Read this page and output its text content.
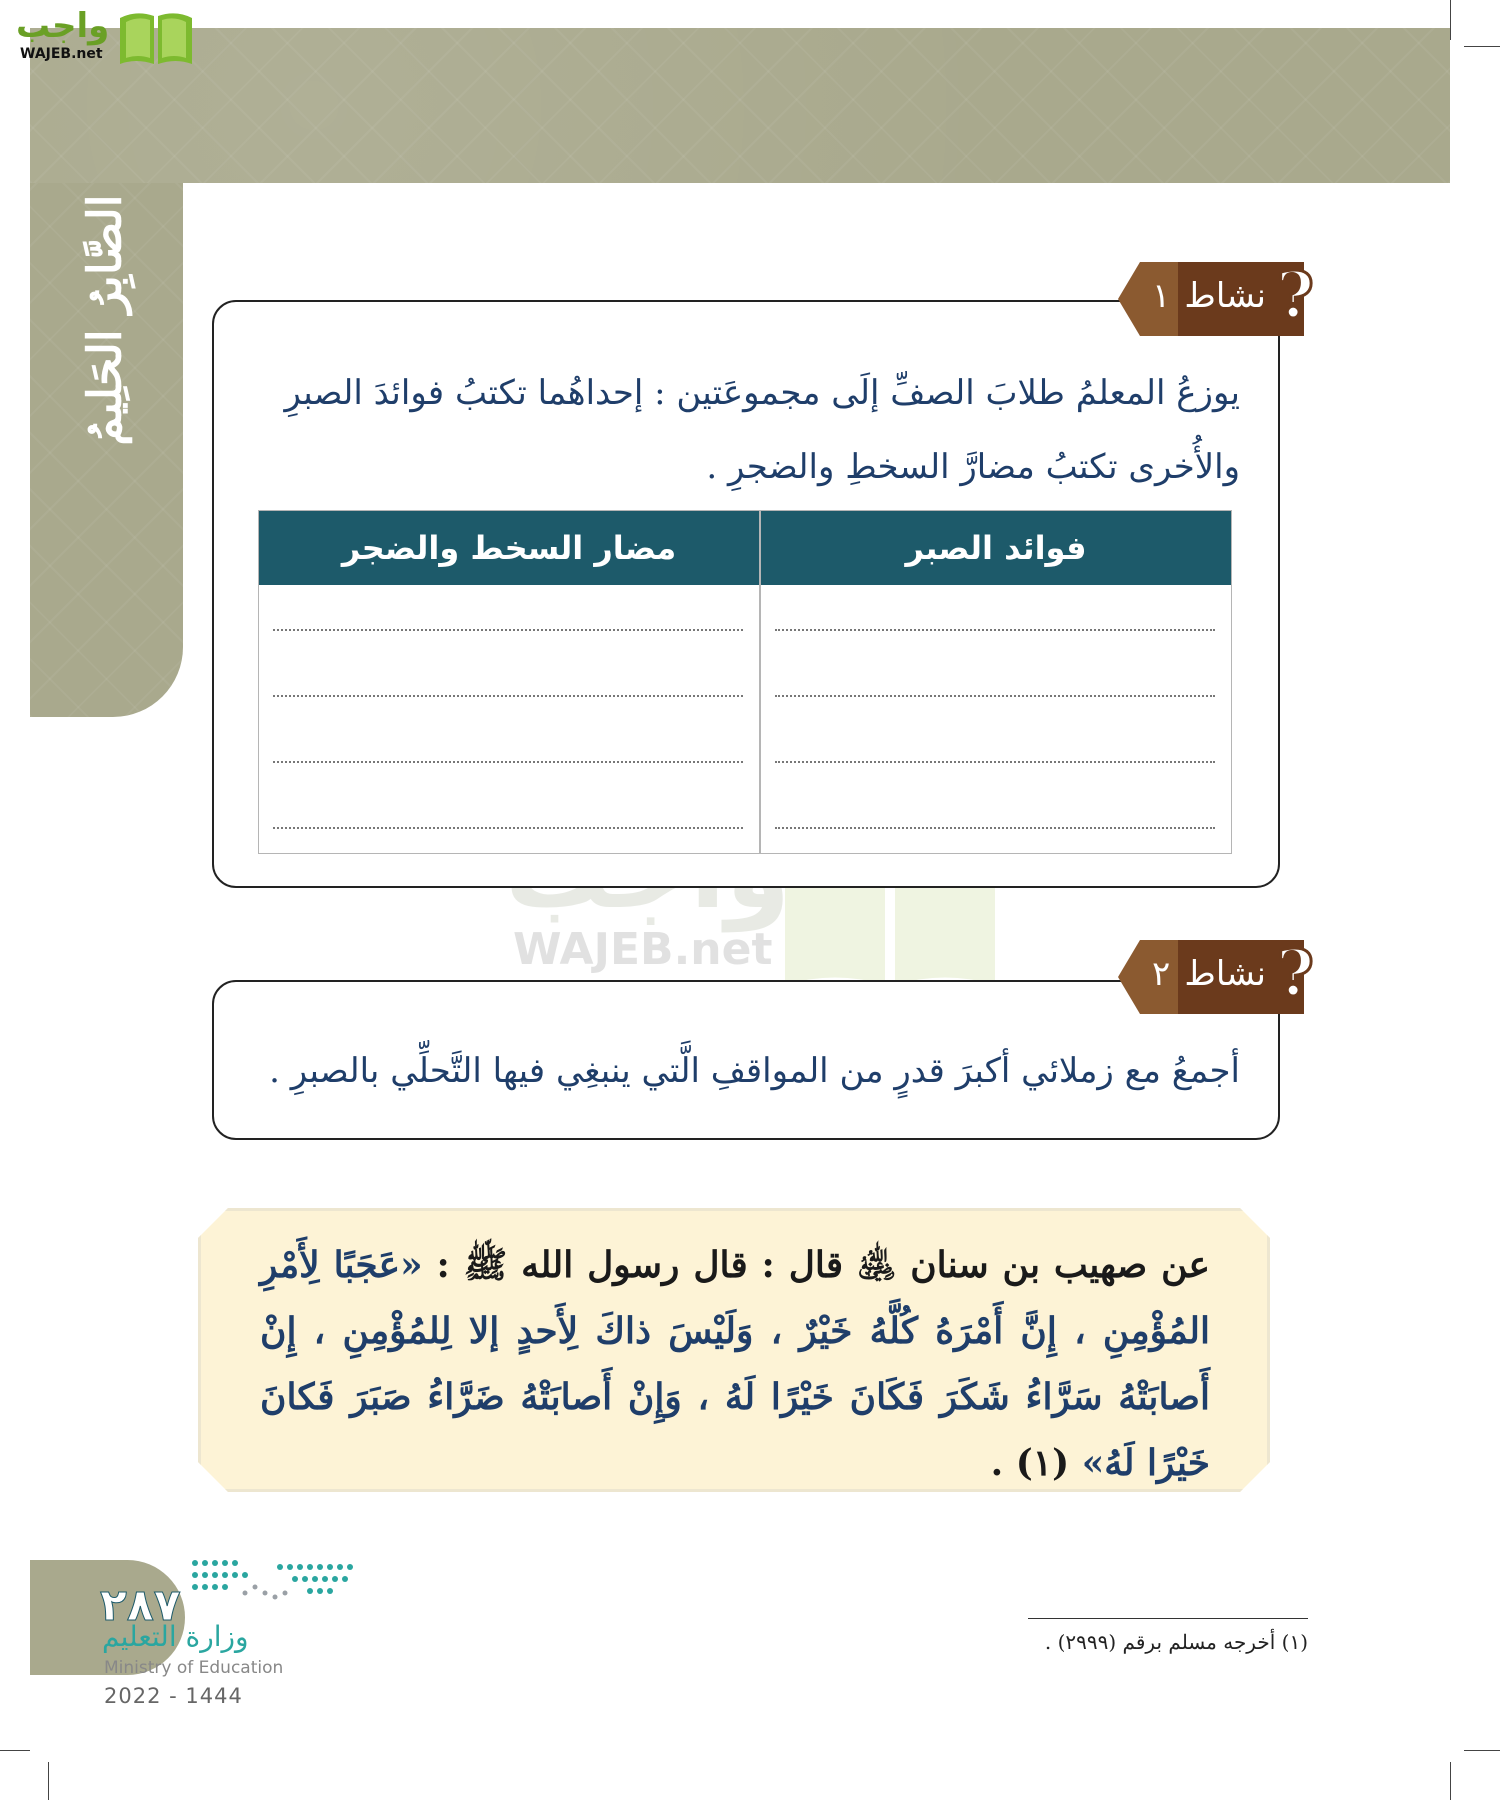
الصَّابِرُ الحَلِيمُ
واجب
WAJEB.net
WAJEB.net
١ نشاط ?
يوزعُ المعلمُ طلابَ الصفِّ إلَى مجموعَتين : إحداهُما تكتبُ فوائدَ الصبرِ
والأُخرى تكتبُ مضارَّ السخطِ والضجرِ .
مضار السخط والضجر	فوائد الصبر
٢ نشاط ?
أجمعُ مع زملائي أكبرَ قدرٍ من المواقفِ الَّتي ينبغِي فيها التَّحلِّي بالصبرِ .
عن صهيب بن سنان ﵁ قال : قال رسول الله ﷺ : «عَجَبًا لِأَمْرِ المُؤْمِنِ ، إِنَّ أَمْرَهُ كُلَّهُ خَيْرٌ ، وَلَيْسَ ذاكَ لِأَحدٍ إلا لِلمُؤْمِنِ ، إِنْ أَصابَتْهُ سَرَّاءُ شَكَرَ فَكَانَ خَيْرًا لَهُ ، وَإِنْ أَصابَتْهُ ضَرَّاءُ صَبَرَ فَكانَ خَيْرًا لَهُ» (١) .
٢٨٧
وزارة التعليم
Ministry of Education
2022 - 1444
(١) أخرجه مسلم برقم (٢٩٩٩) .
